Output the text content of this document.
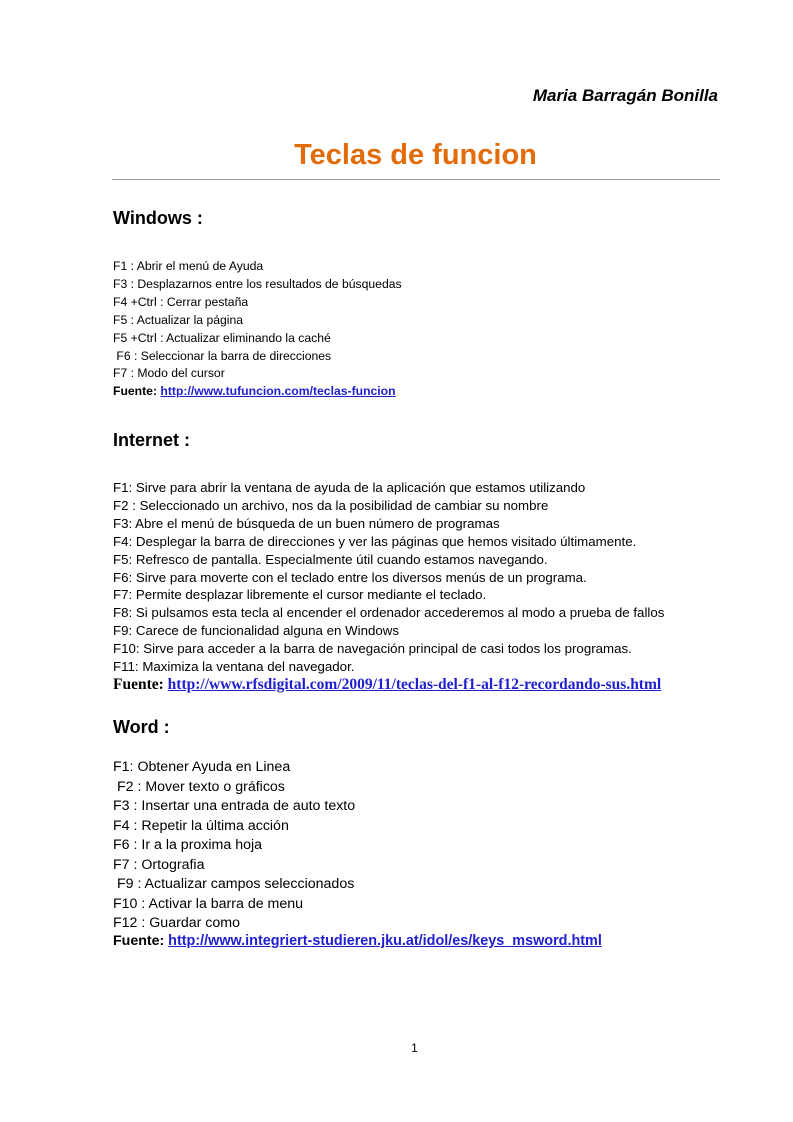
Maria Barragán Bonilla
Teclas de funcion
Windows :
F1 : Abrir el menú de Ayuda
F3 : Desplazarnos entre los resultados de búsquedas
F4 +Ctrl : Cerrar pestaña
F5 : Actualizar la página
F5 +Ctrl : Actualizar eliminando la caché
F6 : Seleccionar la barra de direcciones
F7 : Modo del cursor
Fuente: http://www.tufuncion.com/teclas-funcion
Internet :
F1: Sirve para abrir la ventana de ayuda de la aplicación que estamos utilizando
F2 : Seleccionado un archivo, nos da la posibilidad de cambiar su nombre
F3: Abre el menú de búsqueda de un buen número de programas
F4: Desplegar la barra de direcciones y ver las páginas que hemos visitado últimamente.
F5: Refresco de pantalla. Especialmente útil cuando estamos navegando.
F6: Sirve para moverte con el teclado entre los diversos menús de un programa.
F7: Permite desplazar libremente el cursor mediante el teclado.
F8: Si pulsamos esta tecla al encender el ordenador accederemos al modo a prueba de fallos
F9: Carece de funcionalidad alguna en Windows
F10: Sirve para acceder a la barra de navegación principal de casi todos los programas.
F11: Maximiza la ventana del navegador.
Fuente: http://www.rfsdigital.com/2009/11/teclas-del-f1-al-f12-recordando-sus.html
Word :
F1: Obtener Ayuda en Linea
F2 : Mover texto o gráficos
F3 : Insertar una entrada de auto texto
F4 : Repetir la última acción
F6 : Ir a la proxima hoja
F7 : Ortografia
F9 : Actualizar campos seleccionados
F10 : Activar la barra de menu
F12 : Guardar como
Fuente: http://www.integriert-studieren.jku.at/idol/es/keys_msword.html
1
